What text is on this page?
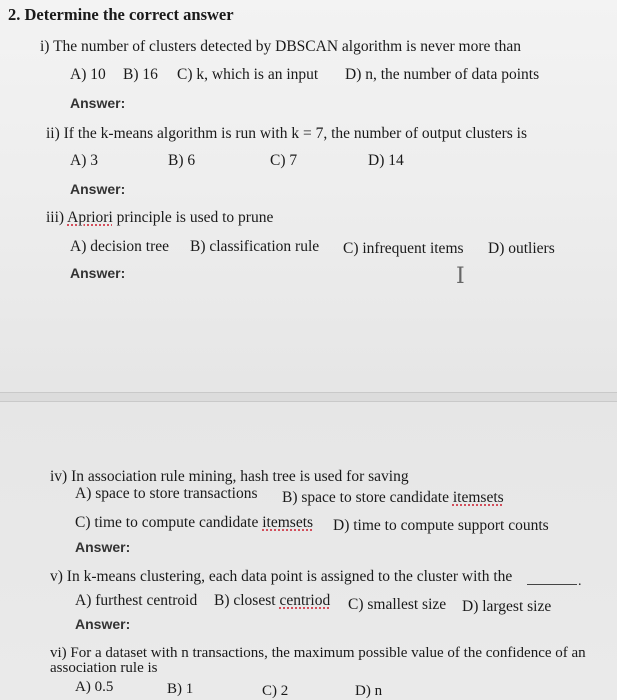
2. Determine the correct answer
i) The number of clusters detected by DBSCAN algorithm is never more than
A) 10 B) 16 C) k, which is an input D) n, the number of data points
Answer:
ii) If the k-means algorithm is run with k = 7, the number of output clusters is
A) 3	B) 6	C) 7	D) 14
Answer:
iii) Apriori principle is used to prune
A) decision tree B) classification rule C) infrequent items D) outliers
Answer:	I
iv) In association rule mining, hash tree is used for saving
A) space to store transactions B) space to store candidate itemsets
C) time to compute candidate itemsets D) time to compute support counts
Answer:
v) In k-means clustering, each data point is assigned to the cluster with the	.
A) furthest centroid B) closest centriod C) smallest size D) largest size
Answer:
vi) For a dataset with n transactions, the maximum possible value of the confidence of an
association rule is
A) 0.5	B) 1	C) 2	D) n
